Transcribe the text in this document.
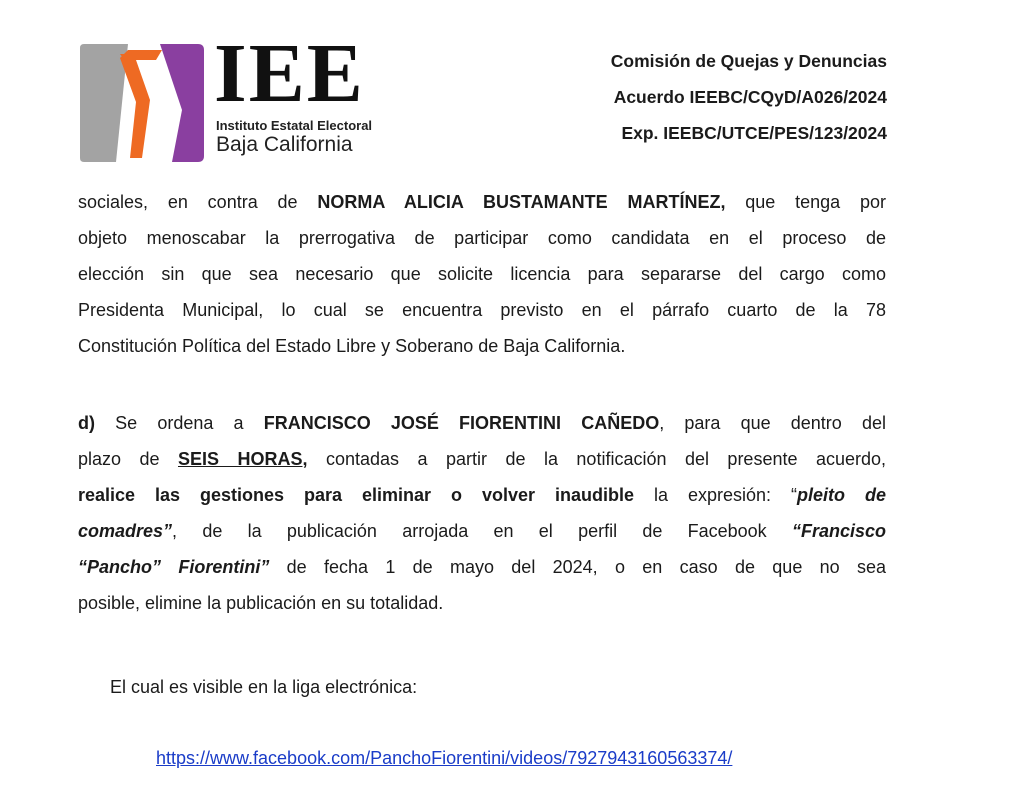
IEE
Instituto Estatal Electoral
Baja California
Comisión de Quejas y Denuncias
Acuerdo IEEBC/CQyD/A026/2024
Exp. IEEBC/UTCE/PES/123/2024
sociales, en contra de NORMA ALICIA BUSTAMANTE MARTÍNEZ, que tenga por
objeto menoscabar la prerrogativa de participar como candidata en el proceso de
elección sin que sea necesario que solicite licencia para separarse del cargo como
Presidenta Municipal, lo cual se encuentra previsto en el párrafo cuarto de la 78
Constitución Política del Estado Libre y Soberano de Baja California.
d) Se ordena a FRANCISCO JOSÉ FIORENTINI CAÑEDO, para que dentro del
plazo de SEIS HORAS, contadas a partir de la notificación del presente acuerdo,
realice las gestiones para eliminar o volver inaudible la expresión: “pleito de
comadres”, de la publicación arrojada en el perfil de Facebook “Francisco
“Pancho” Fiorentini” de fecha 1 de mayo del 2024, o en caso de que no sea
posible, elimine la publicación en su totalidad.
El cual es visible en la liga electrónica:
https://www.facebook.com/PanchoFiorentini/videos/7927943160563374/
